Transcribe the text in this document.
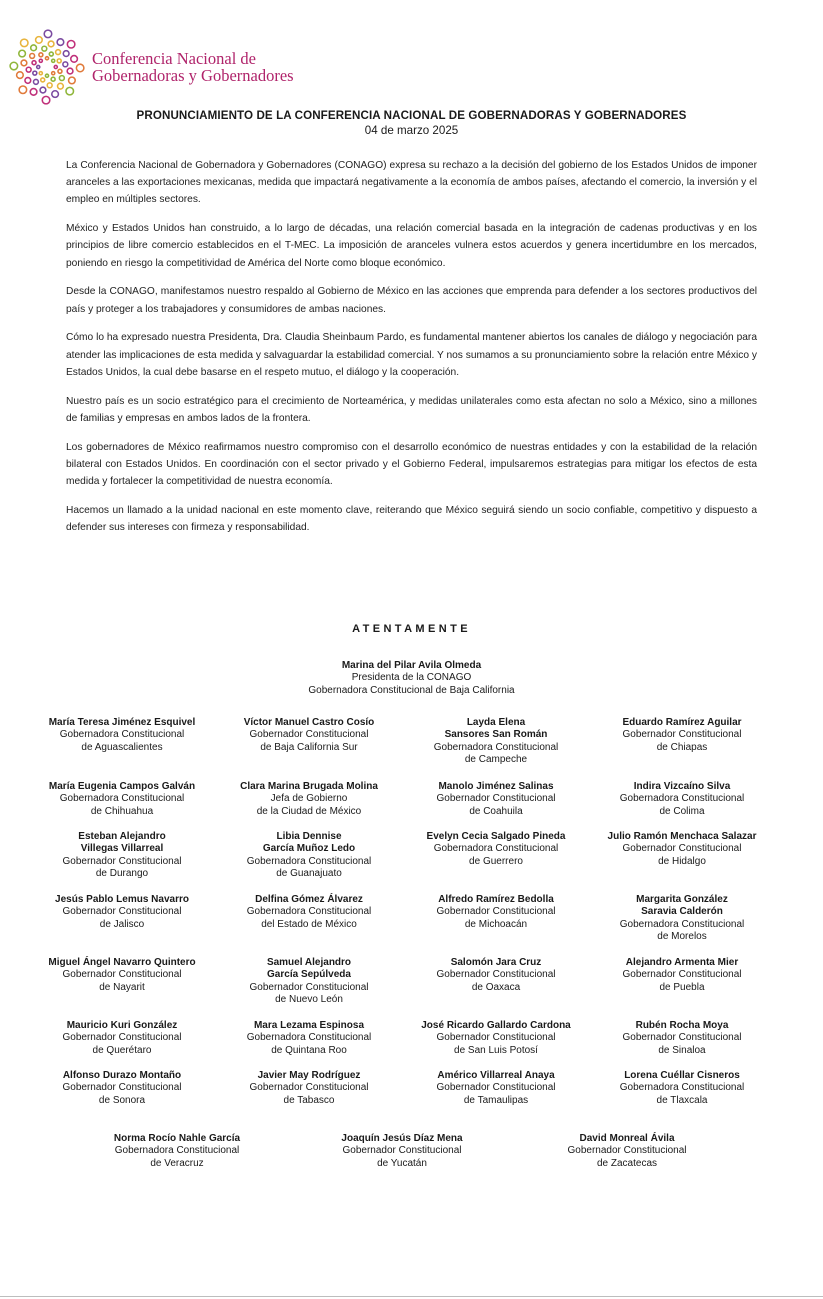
Conferencia Nacional de
Gobernadoras y Gobernadores
PRONUNCIAMIENTO DE LA CONFERENCIA NACIONAL DE GOBERNADORAS Y GOBERNADORES
04 de marzo 2025

La Conferencia Nacional de Gobernadora y Gobernadores (CONAGO) expresa su rechazo a la decisión del gobierno de los Estados Unidos de imponer aranceles a las exportaciones mexicanas, medida que impactará negativamente a la economía de ambos países, afectando el comercio, la inversión y el empleo en múltiples sectores.

México y Estados Unidos han construido, a lo largo de décadas, una relación comercial basada en la integración de cadenas productivas y en los principios de libre comercio establecidos en el T-MEC. La imposición de aranceles vulnera estos acuerdos y genera incertidumbre en los mercados, poniendo en riesgo la competitividad de América del Norte como bloque económico.

Desde la CONAGO, manifestamos nuestro respaldo al Gobierno de México en las acciones que emprenda para defender a los sectores productivos del país y proteger a los trabajadores y consumidores de ambas naciones.

Cómo lo ha expresado nuestra Presidenta, Dra. Claudia Sheinbaum Pardo, es fundamental mantener abiertos los canales de diálogo y negociación para atender las implicaciones de esta medida y salvaguardar la estabilidad comercial. Y nos sumamos a su pronunciamiento sobre la relación entre México y Estados Unidos, la cual debe basarse en el respeto mutuo, el diálogo y la cooperación.

Nuestro país es un socio estratégico para el crecimiento de Norteamérica, y medidas unilaterales como esta afectan no solo a México, sino a millones de familias y empresas en ambos lados de la frontera.

Los gobernadores de México reafirmamos nuestro compromiso con el desarrollo económico de nuestras entidades y con la estabilidad de la relación bilateral con Estados Unidos. En coordinación con el sector privado y el Gobierno Federal, impulsaremos estrategias para mitigar los efectos de esta medida y fortalecer la competitividad de nuestra economía.

Hacemos un llamado a la unidad nacional en este momento clave, reiterando que México seguirá siendo un socio confiable, competitivo y dispuesto a defender sus intereses con firmeza y responsabilidad.

ATENTAMENTE
Marina del Pilar Avila Olmeda
Presidenta de la CONAGO
Gobernadora Constitucional de Baja California
María Teresa Jiménez Esquivel
Gobernadora Constitucional
de Aguascalientes
Víctor Manuel Castro Cosío
Gobernador Constitucional
de Baja California Sur
Layda Elena
Sansores San Román
Gobernadora Constitucional
de Campeche
Eduardo Ramírez Aguilar
Gobernador Constitucional
de Chiapas
María Eugenia Campos Galván
Gobernadora Constitucional
de Chihuahua
Clara Marina Brugada Molina
Jefa de Gobierno
de la Ciudad de México
Manolo Jiménez Salinas
Gobernador Constitucional
de Coahuila
Indira Vizcaíno Silva
Gobernadora Constitucional
de Colima
Esteban Alejandro
Villegas Villarreal
Gobernador Constitucional
de Durango
Libia Dennise
García Muñoz Ledo
Gobernadora Constitucional
de Guanajuato
Evelyn Cecia Salgado Pineda
Gobernadora Constitucional
de Guerrero
Julio Ramón Menchaca Salazar
Gobernador Constitucional
de Hidalgo
Jesús Pablo Lemus Navarro
Gobernador Constitucional
de Jalisco
Delfina Gómez Álvarez
Gobernadora Constitucional
del Estado de México
Alfredo Ramírez Bedolla
Gobernador Constitucional
de Michoacán
Margarita González
Saravia Calderón
Gobernadora Constitucional
de Morelos
Miguel Ángel Navarro Quintero
Gobernador Constitucional
de Nayarit
Samuel Alejandro
García Sepúlveda
Gobernador Constitucional
de Nuevo León
Salomón Jara Cruz
Gobernador Constitucional
de Oaxaca
Alejandro Armenta Mier
Gobernador Constitucional
de Puebla
Mauricio Kuri González
Gobernador Constitucional
de Querétaro
Mara Lezama Espinosa
Gobernadora Constitucional
de Quintana Roo
José Ricardo Gallardo Cardona
Gobernador Constitucional
de San Luis Potosí
Rubén Rocha Moya
Gobernador Constitucional
de Sinaloa
Alfonso Durazo Montaño
Gobernador Constitucional
de Sonora
Javier May Rodríguez
Gobernador Constitucional
de Tabasco
Américo Villarreal Anaya
Gobernador Constitucional
de Tamaulipas
Lorena Cuéllar Cisneros
Gobernadora Constitucional
de Tlaxcala
Norma Rocío Nahle García
Gobernadora Constitucional
de Veracruz
Joaquín Jesús Díaz Mena
Gobernador Constitucional
de Yucatán
David Monreal Ávila
Gobernador Constitucional
de Zacatecas
